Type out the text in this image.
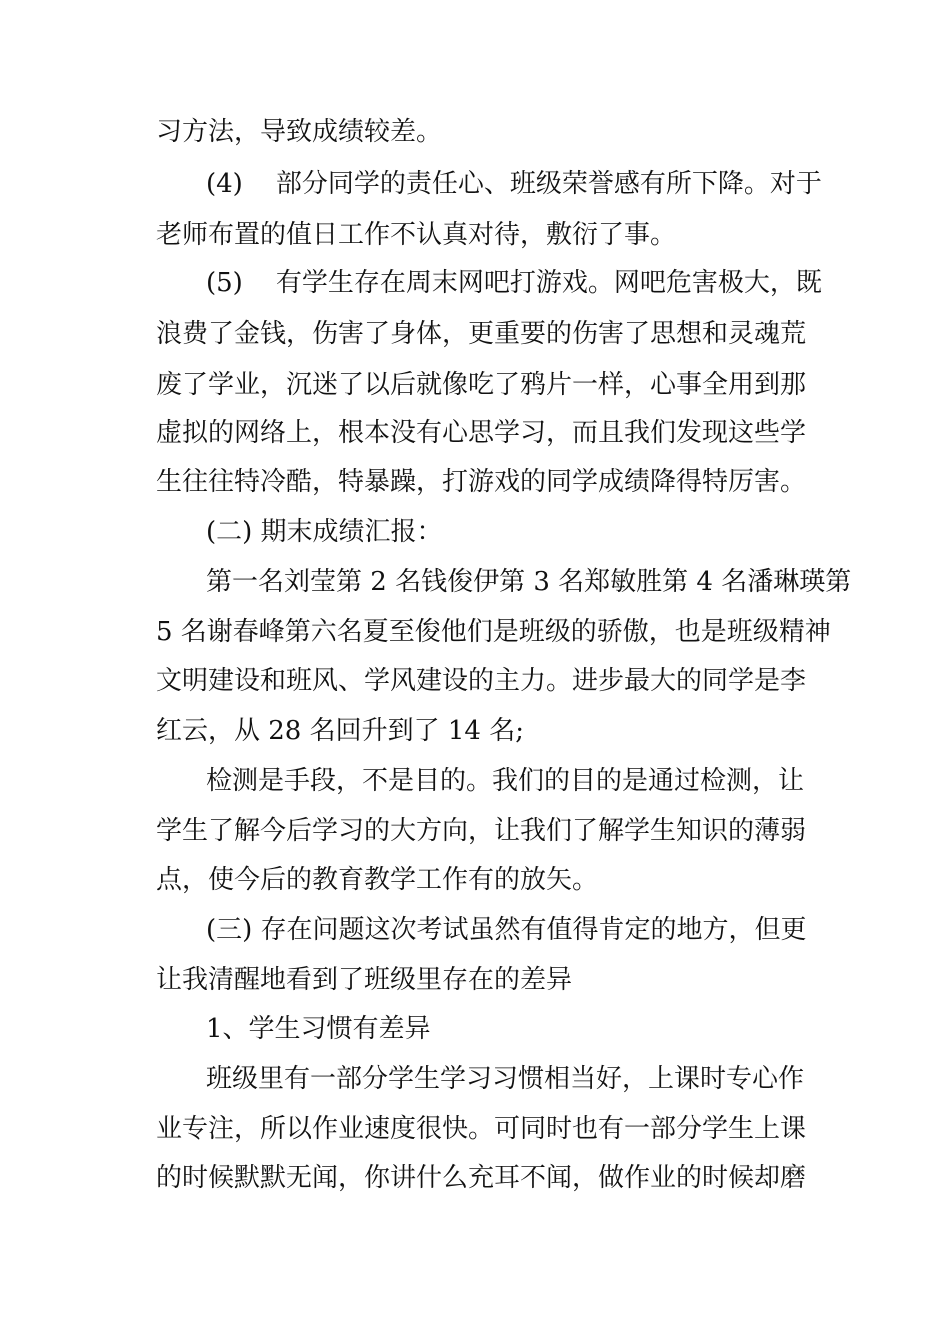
习方法，导致成绩较差。
(4)    部分同学的责任心、班级荣誉感有所下降。对于
老师布置的值日工作不认真对待，敷衍了事。
(5)    有学生存在周末网吧打游戏。网吧危害极大，既
浪费了金钱，伤害了身体，更重要的伤害了思想和灵魂荒
废了学业，沉迷了以后就像吃了鸦片一样，心事全用到那
虚拟的网络上，根本没有心思学习，而且我们发现这些学
生往往特冷酷，特暴躁，打游戏的同学成绩降得特厉害。
(二) 期末成绩汇报：
第一名刘莹第 2 名钱俊伊第 3 名郑敏胜第 4 名潘琳瑛第
5 名谢春峰第六名夏至俊他们是班级的骄傲，也是班级精神
文明建设和班风、学风建设的主力。进步最大的同学是李
红云，从 28 名回升到了 14 名;
检测是手段，不是目的。我们的目的是通过检测，让
学生了解今后学习的大方向，让我们了解学生知识的薄弱
点，使今后的教育教学工作有的放矢。
(三) 存在问题这次考试虽然有值得肯定的地方，但更
让我清醒地看到了班级里存在的差异
1、学生习惯有差异
班级里有一部分学生学习习惯相当好，上课时专心作
业专注，所以作业速度很快。可同时也有一部分学生上课
的时候默默无闻，你讲什么充耳不闻，做作业的时候却磨
